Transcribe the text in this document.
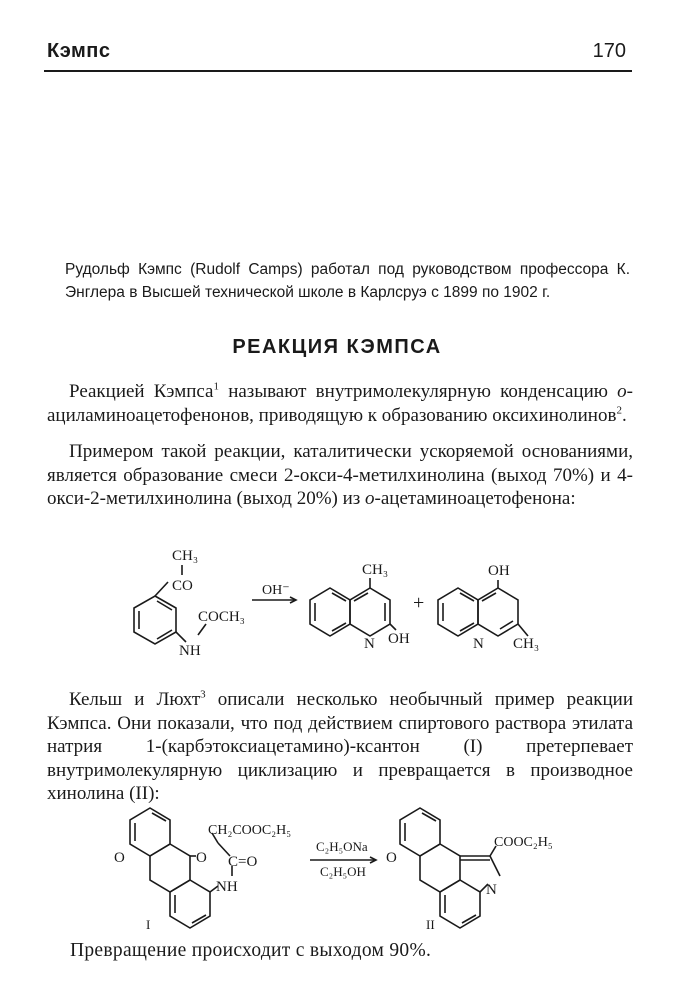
Кэмпс	170
Рудольф Кэмпс (Rudolf Camps) работал под руководством профессора К. Энглера в Высшей технической школе в Карлсруэ с 1899 по 1902 г.
РЕАКЦИЯ КЭМПСА
Реакцией Кэмпса$^1$ называют внутримолекулярную конденсацию о-ациламиноацетофенонов, приводящую к образованию оксихинолинов$^2$.
Примером такой реакции, каталитически ускоряемой основаниями, является образование смеси 2-окси-4-метилхинолина (выход 70%) и 4-окси-2-метилхинолина (выход 20%) из о-ацетаминоацетофенона:
CH₃
CO
COCH₃
NH
OH⁻
CH₃
N OH
+
OH
N CH₃
Кельш и Люхт$^3$ описали несколько необычный пример реакции Кэмпса. Они показали, что под действием спиртового раствора этилата натрия 1-(карбэтоксиацетамино)-ксантон (I) претерпевает внутримолекулярную циклизацию и превращается в производное хинолина (II):
CH₂COOC₂H₅
O	O C=O
NH
C₂H₅ONa
C₂H₅OH
COOC₂H₅
O
N
I	II
Превращение происходит с выходом 90%.
